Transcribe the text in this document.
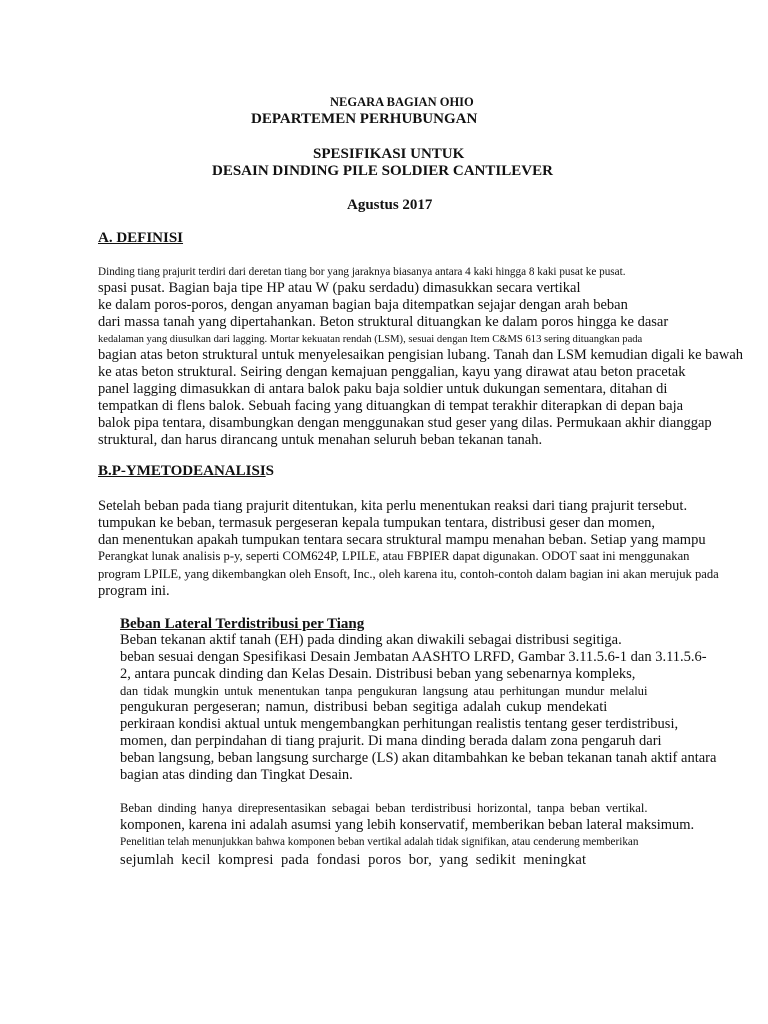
NEGARA BAGIAN OHIO
DEPARTEMEN PERHUBUNGAN
SPESIFIKASI UNTUK
DESAIN DINDING PILE SOLDIER CANTILEVER
Agustus 2017
A. DEFINISI
Dinding tiang prajurit terdiri dari deretan tiang bor yang jaraknya biasanya antara 4 kaki hingga 8 kaki pusat ke pusat.
spasi pusat. Bagian baja tipe HP atau W (paku serdadu) dimasukkan secara vertikal
ke dalam poros-poros, dengan anyaman bagian baja ditempatkan sejajar dengan arah beban
dari massa tanah yang dipertahankan. Beton struktural dituangkan ke dalam poros hingga ke dasar
kedalaman yang diusulkan dari lagging. Mortar kekuatan rendah (LSM), sesuai dengan Item C&MS 613 sering dituangkan pada
bagian atas beton struktural untuk menyelesaikan pengisian lubang. Tanah dan LSM kemudian digali ke bawah
ke atas beton struktural. Seiring dengan kemajuan penggalian, kayu yang dirawat atau beton pracetak
panel lagging dimasukkan di antara balok paku baja soldier untuk dukungan sementara, ditahan di
tempatkan di flens balok. Sebuah facing yang dituangkan di tempat terakhir diterapkan di depan baja
balok pipa tentara, disambungkan dengan menggunakan stud geser yang dilas. Permukaan akhir dianggap
struktural, dan harus dirancang untuk menahan seluruh beban tekanan tanah.
B.P-YMETODEANALISIS
Setelah beban pada tiang prajurit ditentukan, kita perlu menentukan reaksi dari tiang prajurit tersebut.
tumpukan ke beban, termasuk pergeseran kepala tumpukan tentara, distribusi geser dan momen,
dan menentukan apakah tumpukan tentara secara struktural mampu menahan beban. Setiap yang mampu
Perangkat lunak analisis p-y, seperti COM624P, LPILE, atau FBPIER dapat digunakan. ODOT saat ini menggunakan
program LPILE, yang dikembangkan oleh Ensoft, Inc., oleh karena itu, contoh-contoh dalam bagian ini akan merujuk pada
program ini.
Beban Lateral Terdistribusi per Tiang
Beban tekanan aktif tanah (EH) pada dinding akan diwakili sebagai distribusi segitiga.
beban sesuai dengan Spesifikasi Desain Jembatan AASHTO LRFD, Gambar 3.11.5.6-1 dan 3.11.5.6-
2, antara puncak dinding dan Kelas Desain. Distribusi beban yang sebenarnya kompleks,
dan tidak mungkin untuk menentukan tanpa pengukuran langsung atau perhitungan mundur melalui
pengukuran pergeseran; namun, distribusi beban segitiga adalah cukup mendekati
perkiraan kondisi aktual untuk mengembangkan perhitungan realistis tentang geser terdistribusi,
momen, dan perpindahan di tiang prajurit. Di mana dinding berada dalam zona pengaruh dari
beban langsung, beban langsung surcharge (LS) akan ditambahkan ke beban tekanan tanah aktif antara
bagian atas dinding dan Tingkat Desain.
Beban dinding hanya direpresentasikan sebagai beban terdistribusi horizontal, tanpa beban vertikal.
komponen, karena ini adalah asumsi yang lebih konservatif, memberikan beban lateral maksimum.
Penelitian telah menunjukkan bahwa komponen beban vertikal adalah tidak signifikan, atau cenderung memberikan
sejumlah kecil kompresi pada fondasi poros bor, yang sedikit meningkat
